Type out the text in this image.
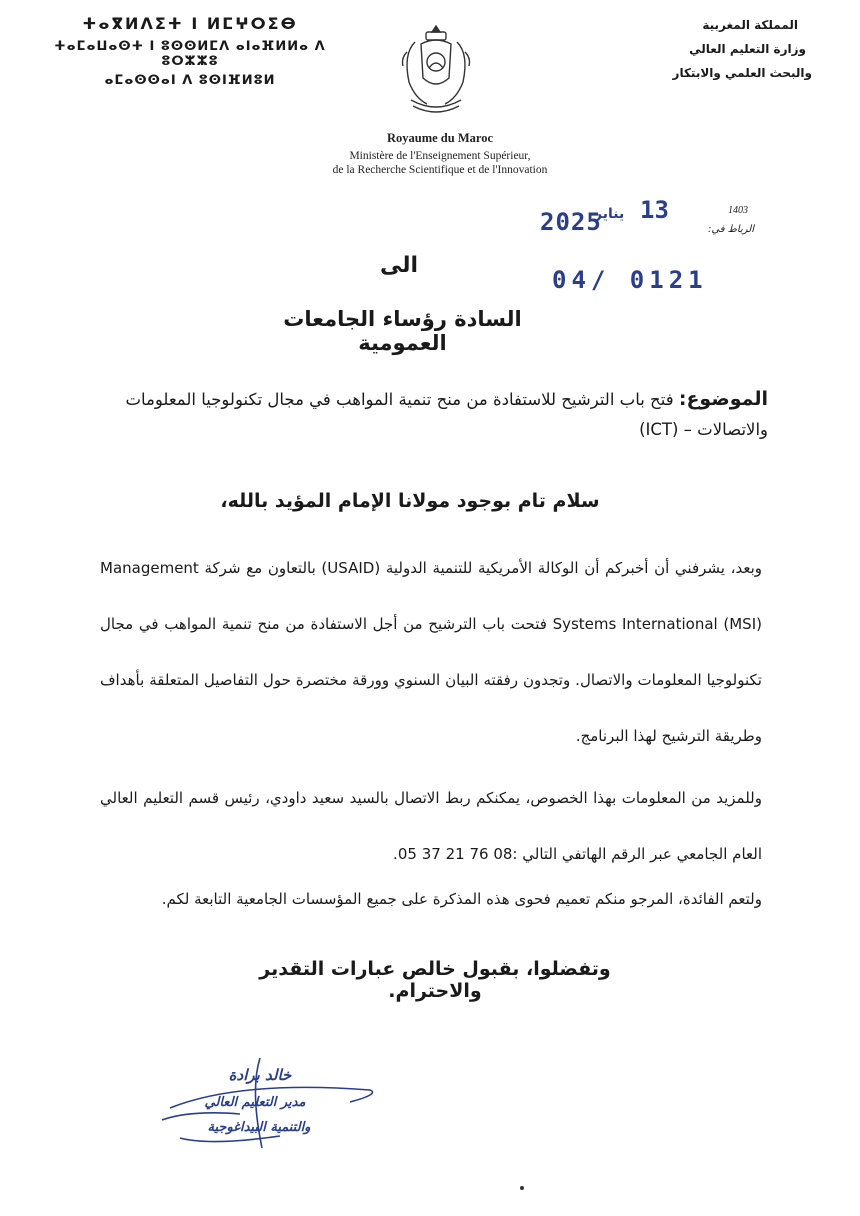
ⵜⴰⴳⵍⴷⵉⵜ ⵏ ⵍⵎⵖⵔⵉⴱ
ⵜⴰⵎⴰⵡⴰⵙⵜ ⵏ ⵓⵙⵙⵍⵎⴷ ⴰⵏⴰⴼⵍⵍⴰ ⴷ ⵓⵔⵣⵣⵓ
ⴰⵎⴰⵙⵙⴰⵏ ⴷ ⵓⵙⵏⴼⵍⵓⵍ
المملكة المغربية
وزارة التعليم العالي
والبحث العلمي والابتكار
Royaume du Maroc
Ministère de l'Enseignement Supérieur,
de la Recherche Scientifique et de l'Innovation
2025
يناير 13	1403
الرباط في:
الى
04/ 0121
السادة رؤساء الجامعات العمومية
الموضوع: فتح باب الترشيح للاستفادة من منح تنمية المواهب في مجال تكنولوجيا المعلومات والاتصالات – (ICT)
سلام تام بوجود مولانا الإمام المؤيد بالله،
وبعد، يشرفني أن أخبركم أن الوكالة الأمريكية للتنمية الدولية (USAID) بالتعاون مع شركة Management Systems International (MSI) فتحت باب الترشيح من أجل الاستفادة من منح تنمية المواهب في مجال تكنولوجيا المعلومات والاتصال. وتجدون رفقته البيان السنوي وورقة مختصرة حول التفاصيل المتعلقة بأهداف وطريقة الترشيح لهذا البرنامج.
وللمزيد من المعلومات بهذا الخصوص، يمكنكم ربط الاتصال بالسيد سعيد داودي، رئيس قسم التعليم العالي العام الجامعي عبر الرقم الهاتفي التالي :08 76 21 37 05.
ولتعم الفائدة، المرجو منكم تعميم فحوى هذه المذكرة على جميع المؤسسات الجامعية التابعة لكم.
وتفضلوا، بقبول خالص عبارات التقدير والاحترام.
خالد برادة
مدير التعليم العالي
والتنمية البيداغوجية
